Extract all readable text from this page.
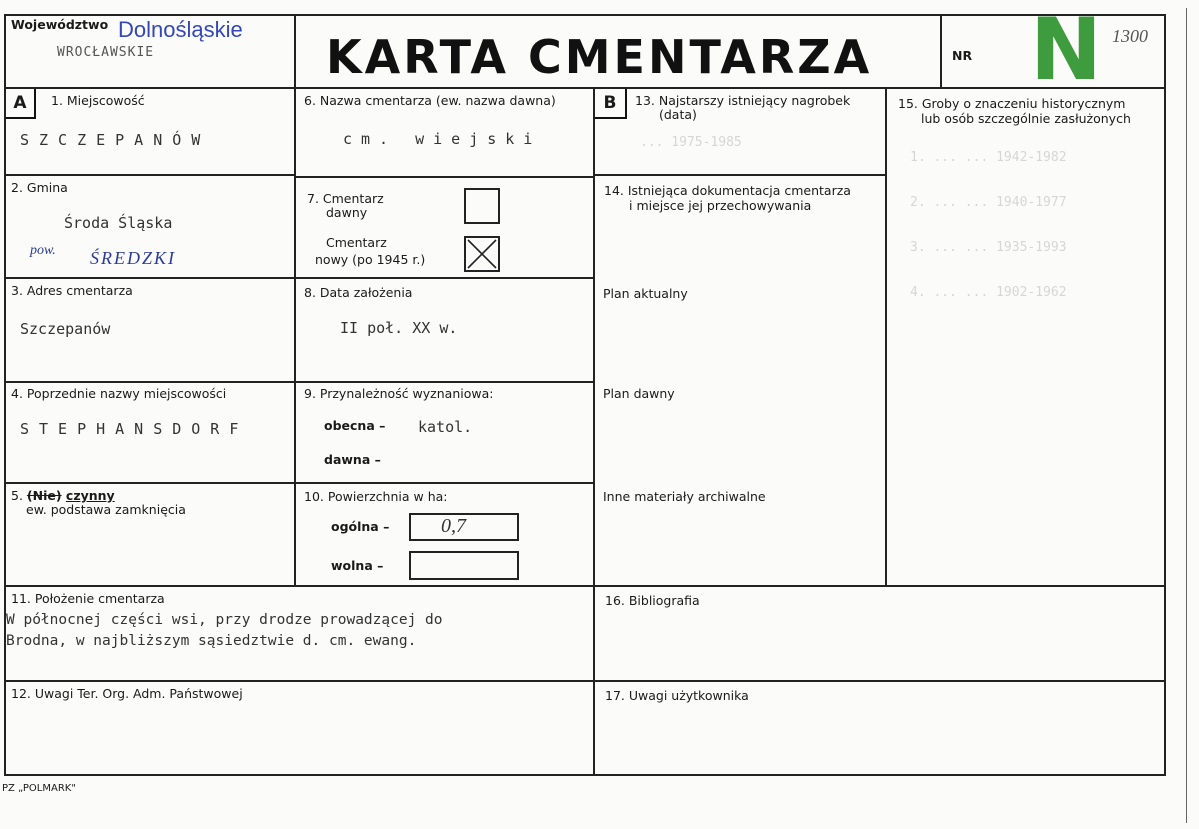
... 1975-1985
1. ... ... 1942-1982
2. ... ... 1940-1977
3. ... ... 1935-1993
4. ... ... 1902-1962
Województwo Dolnośląskie
WROCŁAWSKIE	KARTA CMENTARZA	NR N 1300
A	1. Miejscowość
SZCZEPANÓW
2. Gmina
Środa Śląska
pow. ŚREDZKI
3. Adres cmentarza
Szczepanów
4. Poprzednie nazwy miejscowości
STEPHANSDORF
5. (Nie) czynny
ew. podstawa zamknięcia
6. Nazwa cmentarza (ew. nazwa dawna)
cm. wiejski
7. Cmentarz
dawny
Cmentarz
nowy (po 1945 r.)
8. Data założenia
II poł. XX w.
9. Przynależność wyznaniowa:
obecna – katol.
dawna –
10. Powierzchnia w ha:
ogólna –	0,7
wolna –
11. Położenie cmentarza
W północnej części wsi, przy drodze prowadzącej do
Brodna, w najbliższym sąsiedztwie d. cm. ewang.
12. Uwagi Ter. Org. Adm. Państwowej
B	13. Najstarszy istniejący nagrobek
(data)
14. Istniejąca dokumentacja cmentarza
i miejsce jej przechowywania
Plan aktualny
Plan dawny
Inne materiały archiwalne
15. Groby o znaczeniu historycznym
lub osób szczególnie zasłużonych
16. Bibliografia
17. Uwagi użytkownika
PZ „POLMARK"
